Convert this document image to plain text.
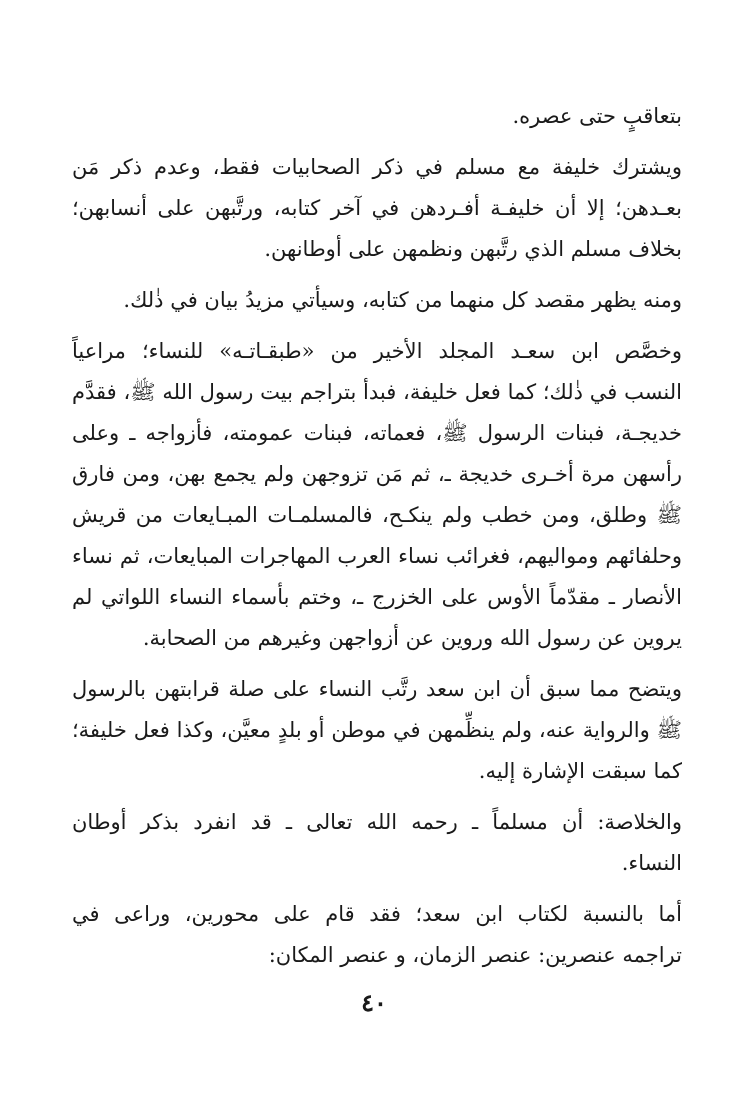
بتعاقبٍ حتى عصره.
ويشترك خليفة مع مسلم في ذكر الصحابيات فقط، وعدم ذكر مَن
بعـدهن؛ إلا أن خليفـة أفـردهن في آخر كتابه، ورتَّبهن على أنسابهن؛
بخلاف مسلم الذي رتَّبهن ونظمهن على أوطانهن.
ومنه يظهر مقصد كل منهما من كتابه، وسيأتي مزيدُ بيان في ذٰلك.
وخصَّص ابن سعـد المجلد الأخير من «طبقـاتـه» للنساء؛ مراعياً
النسب في ذٰلك؛ كما فعل خليفة، فبدأ بتراجم بيت رسول الله ﷺ، فقدَّم
خديجـة، فبنات الرسول ﷺ، فعماته، فبنات عمومته، فأزواجه ـ وعلى
رأسهن مرة أخـرى خديجة ـ، ثم مَن تزوجهن ولم يجمع بهن، ومن فارق
ﷺ وطلق، ومن خطب ولم ينكـح، فالمسلمـات المبـايعات من قريش
وحلفائهم ومواليهم، فغرائب نساء العرب المهاجرات المبايعات، ثم نساء
الأنصار ـ مقدّماً الأوس على الخزرج ـ، وختم بأسماء النساء اللواتي لم
يروين عن رسول الله وروين عن أزواجهن وغيرهم من الصحابة.
ويتضح مما سبق أن ابن سعد رتَّب النساء على صلة قرابتهن بالرسول
ﷺ والرواية عنه، ولم ينظِّمهن في موطن أو بلدٍ معيَّن، وكذا فعل خليفة؛
كما سبقت الإشارة إليه.
والخلاصة: أن مسلماً ـ رحمه الله تعالى ـ قد انفرد بذكر أوطان
النساء.
أما بالنسبة لكتاب ابن سعد؛ فقد قام على محورين، وراعى في
تراجمه عنصرين: عنصر الزمان، و عنصر المكان:
٤٠
